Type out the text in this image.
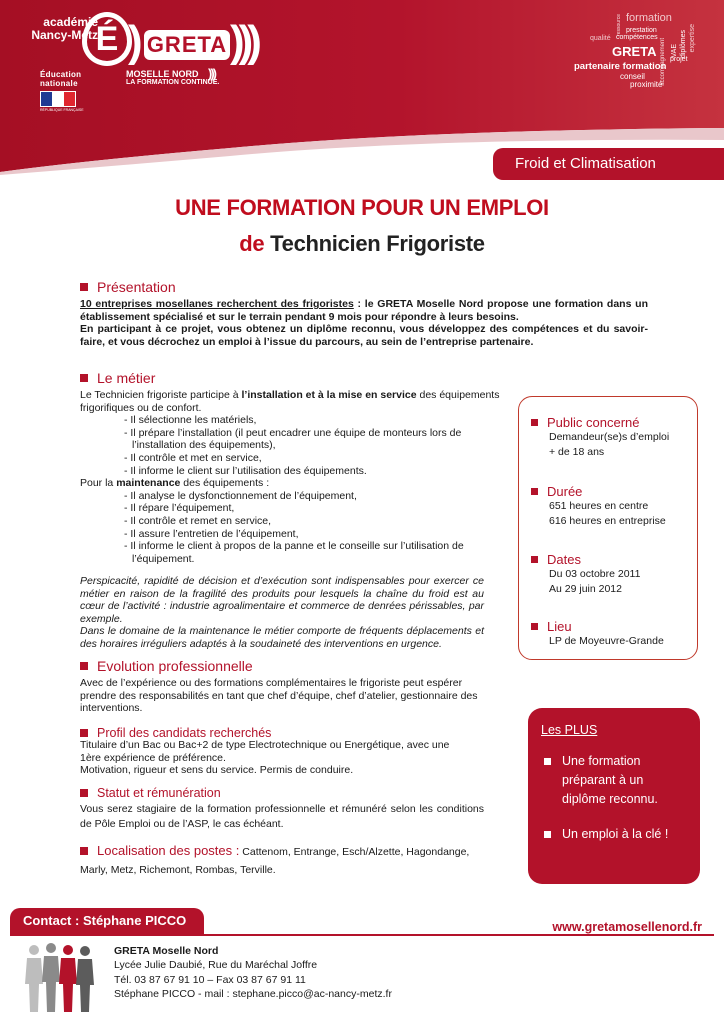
académie
Nancy-Metz
É
Éducation
nationale
RÉPUBLIQUE FRANÇAISE
) GRETA )))
MOSELLE NORD )))
LA FORMATION CONTINUE.
formation
ressource prestation
qualité compétences
GRETA accompagnement VAE diplômes expertise
projet
partenaire formation
conseil
proximité
Froid et Climatisation
UNE FORMATION POUR UN EMPLOI
de Technicien Frigoriste
Présentation

10 entreprises mosellanes recherchent des frigoristes : le GRETA Moselle Nord propose une formation dans un établissement spécialisé et sur le terrain pendant 9 mois pour répondre à leurs besoins.

En participant à ce projet, vous obtenez un diplôme reconnu, vous développez des compétences et du savoir-faire, et vous décrochez un emploi à l’issue du parcours, au sein de l’entreprise partenaire.

Le métier

Le Technicien frigoriste participe à l’installation et à la mise en service des équipements frigorifiques ou de confort.

- Il sélectionne les matériels,

- Il prépare l’installation (il peut encadrer une équipe de monteurs lors de

l’installation des équipements),

- Il contrôle et met en service,

- Il informe le client sur l’utilisation des équipements.

Pour la maintenance des équipements :

- Il analyse le dysfonctionnement de l’équipement,

- Il répare l’équipement,

- Il contrôle et remet en service,

- Il assure l’entretien de l’équipement,

- Il informe le client à propos de la panne et le conseille sur l’utilisation de

l’équipement.

Perspicacité, rapidité de décision et d’exécution sont indispensables pour exercer ce métier en raison de la fragilité des produits pour lesquels la chaîne du froid est au cœur de l’activité : industrie agroalimentaire et commerce de denrées périssables, par exemple.

Dans le domaine de la maintenance le métier comporte de fréquents déplacements et des horaires irréguliers adaptés à la soudaineté des interventions en urgence.

Evolution professionnelle
Avec de l’expérience ou des formations complémentaires le frigoriste peut espérer prendre des responsabilités en tant que chef d’équipe, chef d’atelier, gestionnaire des interventions.
Profil des candidats recherchés

Titulaire d’un Bac ou Bac+2 de type Electrotechnique ou Energétique, avec une

1ère expérience de préférence.

Motivation, rigueur et sens du service. Permis de conduire.

Statut et rémunération
Vous serez stagiaire de la formation professionnelle et rémunéré selon les conditions de Pôle Emploi ou de l’ASP, le cas échéant.

Localisation des postes : Cattenom, Entrange, Esch/Alzette, Hagondange,

Marly, Metz, Richemont, Rombas, Terville.

Public concerné
Demandeur(se)s d’emploi
+ de 18 ans
Durée
651 heures en centre
616 heures en entreprise
Dates
Du 03 octobre 2011
Au 29 juin 2012
Lieu
LP de Moyeuvre-Grande
Les PLUS
Une formation
préparant à un
diplôme reconnu.
Un emploi à la clé !
Contact : Stéphane PICCO	www.gretamosellenord.fr
GRETA Moselle Nord
Lycée Julie Daubié, Rue du Maréchal Joffre
Tél. 03 87 67 91 10 – Fax 03 87 67 91 11
Stéphane PICCO - mail : stephane.picco@ac-nancy-metz.fr
